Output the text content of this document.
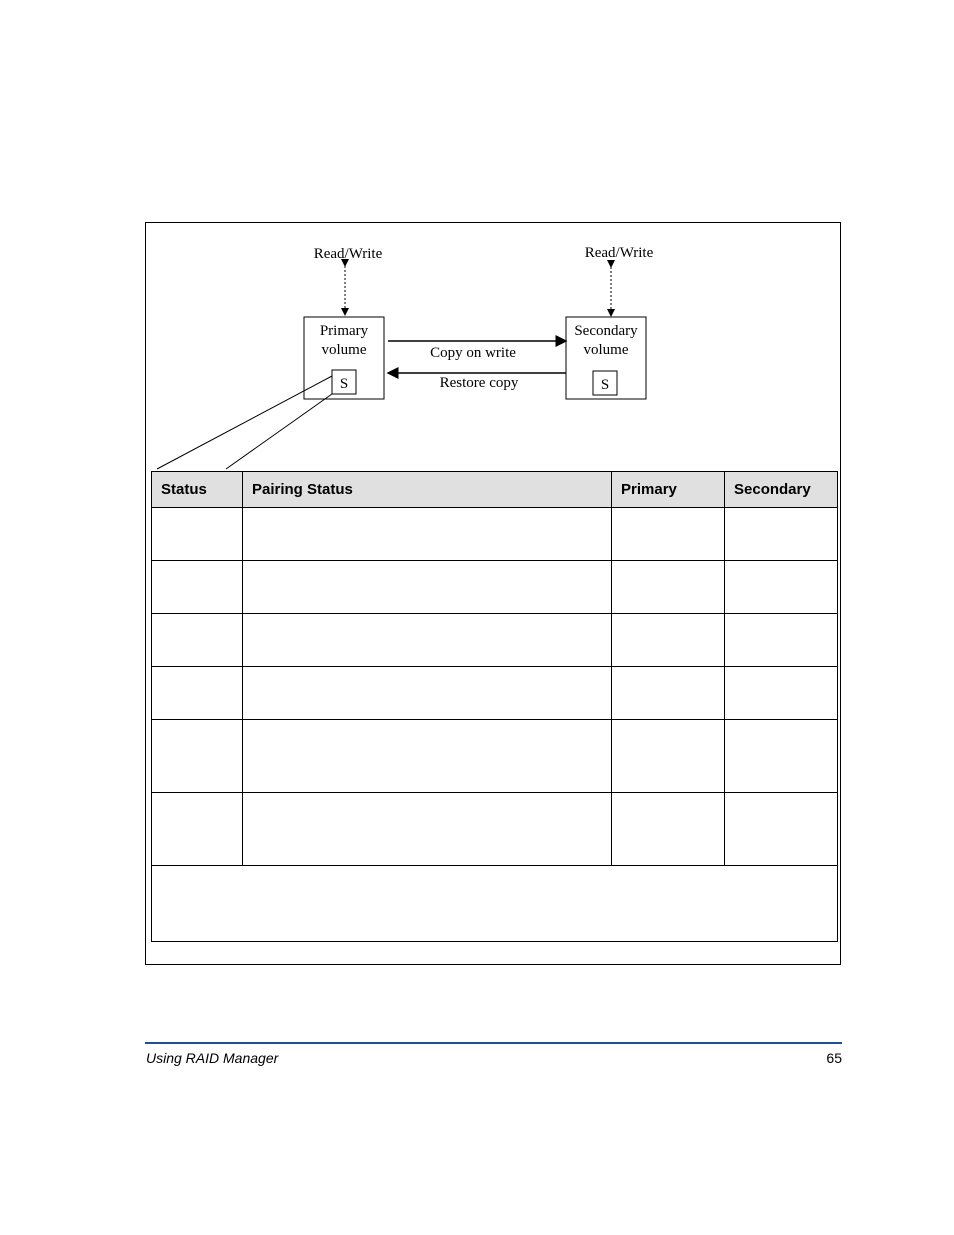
Read/Write	Read/Write
Primary
volume
Secondary
volume
S	S
Copy on write
Restore copy
Status	Pairing Status	Primary	Secondary

Using RAID Manager	65
